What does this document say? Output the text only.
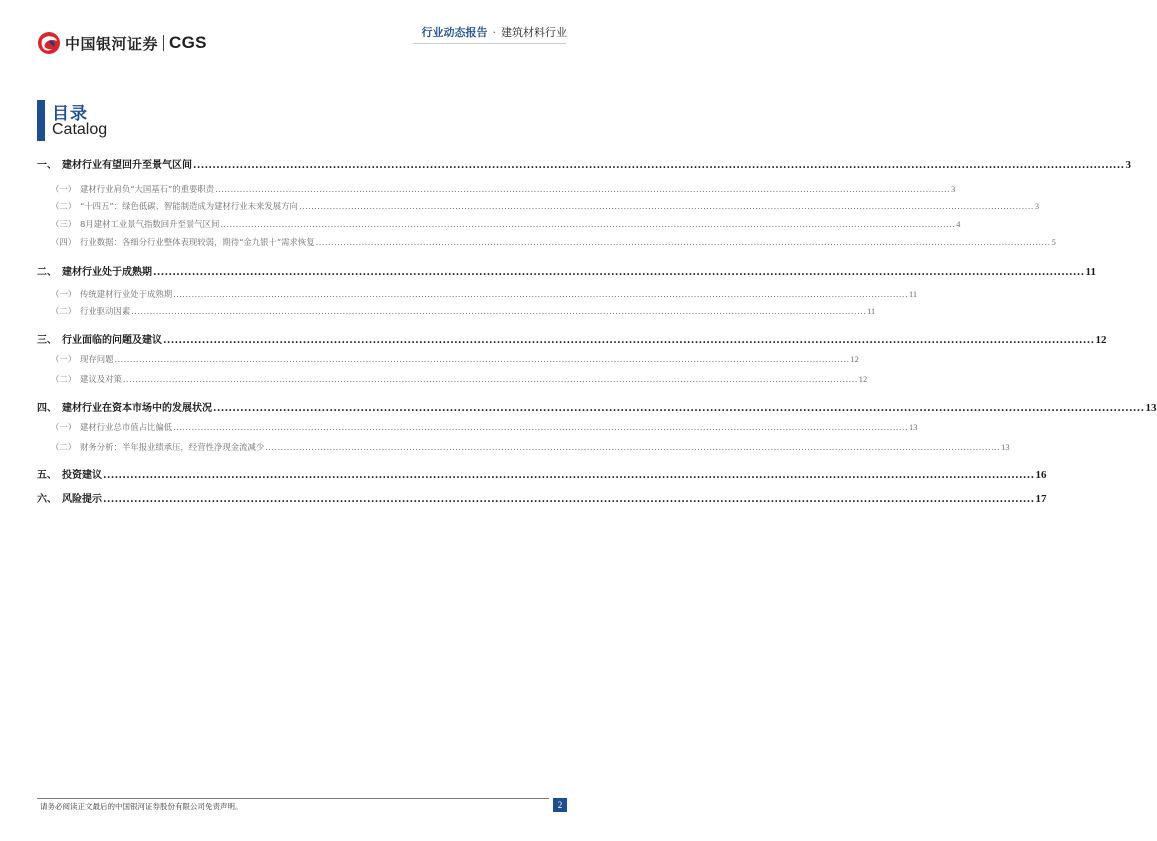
中国银河证券 CGS
行业动态报告 · 建筑材料行业
目录
Catalog
一、 建材行业有望回升至景气区间 .....	3
（一） 建材行业肩负“大国基石”的重要职责 .....	3
（二） “十四五”：绿色低碳、智能制造成为建材行业未来发展方向 .....	3
（三） 8月建材工业景气指数回升至景气区间 .....	4
（四） 行业数据：各细分行业整体表现较弱，期待“金九银十”需求恢复 .....	5
二、 建材行业处于成熟期 .....	11
（一） 传统建材行业处于成熟期 .....	11
（二） 行业驱动因素 .....	11
三、 行业面临的问题及建议 .....	12
（一） 现存问题 .....	12
（二） 建议及对策 .....	12
四、 建材行业在资本市场中的发展状况 .....	13
（一） 建材行业总市值占比偏低 .....	13
（二） 财务分析：半年报业绩承压，经营性净现金流减少 .....	13
五、 投资建议 .....	16
六、 风险提示 .....	17
请务必阅读正文最后的中国银河证券股份有限公司免责声明。	2
